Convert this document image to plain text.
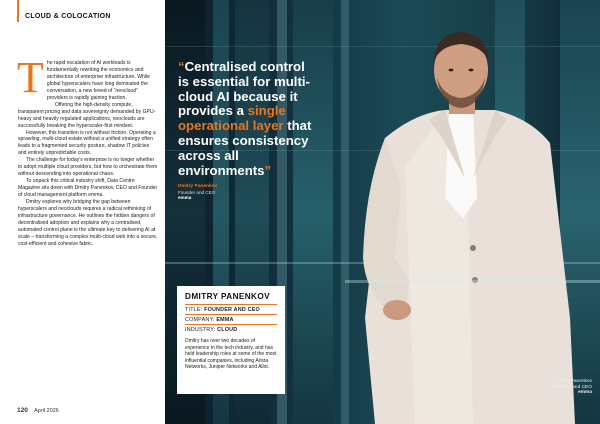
CLOUD & COLOCATION
T he rapid escalation of AI workloads is fundamentally rewriting the economics and architecture of enterprise infrastructure. While global hyperscalers have long dominated the conversation, a new breed of “neocloud” providers is rapidly gaining traction.

Offering the high-density compute, transparent pricing and data sovereignty demanded by GPU-heavy and heavily regulated applications, neoclouds are successfully breaking the hyperscaler-first mindset.

However, this transition is not without friction. Operating a sprawling, multi-cloud estate without a unified strategy often leads to a fragmented security posture, shadow IT policies and entirely unpredictable costs.

The challenge for today’s enterprise is no longer whether to adopt multiple cloud providers, but how to orchestrate them without descending into operational chaos.

To unpack this critical industry shift, Data Centre Magazine sits down with Dmitry Panenkov, CEO and Founder of cloud management platform emma.

Dmitry explores why bridging the gap between hyperscalers and neoclouds requires a radical rethinking of infrastructure governance. He outlines the hidden dangers of decentralised adoption and explains why a centralised, automated control plane is the ultimate key to delivering AI at scale – transforming a complex multi-cloud web into a secure, cost-efficient and cohesive fabric.

120 April 2026
“Centralised control is essential for multi-cloud AI because it provides a single operational layer that ensures consistency across all environments”
Dmitry Panenkov
Founder and CEO
emma
DMITRY PANENKOV
TITLE: FOUNDER AND CEO
COMPANY: EMMA
INDUSTRY: CLOUD
Dmitry has over two decades of experience in the tech industry, and has held leadership roles at some of the most influential companies, including Arista Networks, Juniper Networks and Allot.
Dmitry Panenkov
Founder and CEO
emma
